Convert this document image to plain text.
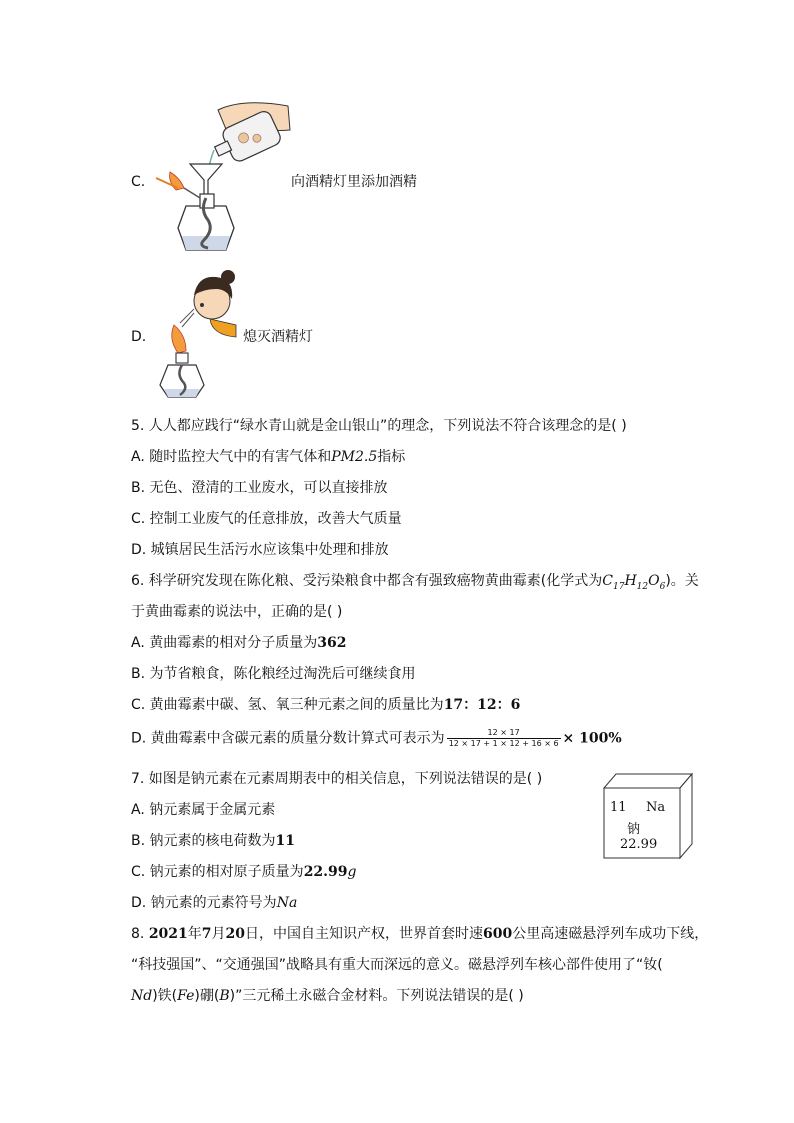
C.	向酒精灯里添加酒精
D.	熄灭酒精灯
5. 人人都应践行“绿水青山就是金山银山”的理念，下列说法不符合该理念的是( )
A. 随时监控大气中的有害气体和PM2.5指标
B. 无色、澄清的工业废水，可以直接排放
C. 控制工业废气的任意排放，改善大气质量
D. 城镇居民生活污水应该集中处理和排放
6. 科学研究发现在陈化粮、受污染粮食中都含有强致癌物黄曲霉素(化学式为$C_{17}H_{12}O_6$)。关
于黄曲霉素的说法中，正确的是( )
A. 黄曲霉素的相对分子质量为362
B. 为节省粮食，陈化粮经过淘洗后可继续食用
C. 黄曲霉素中碳、氢、氧三种元素之间的质量比为17：12：6
D. 黄曲霉素中含碳元素的质量分数计算式可表示为 $\frac{12 \times 17}{12 \times 17 + 1 \times 12 + 16 \times 6} \times 100\%$
7. 如图是钠元素在元素周期表中的相关信息，下列说法错误的是( )
A. 钠元素属于金属元素
B. 钠元素的核电荷数为11
C. 钠元素的相对原子质量为22.99g
D. 钠元素的元素符号为Na
11 Na
钠
22.99
8. 2021年7月20日，中国自主知识产权，世界首套时速600公里高速磁悬浮列车成功下线，
“科技强国”、“交通强国”战略具有重大而深远的意义。磁悬浮列车核心部件使用了“钕(
Nd)铁(Fe)硼(B)”三元稀土永磁合金材料。下列说法错误的是( )
